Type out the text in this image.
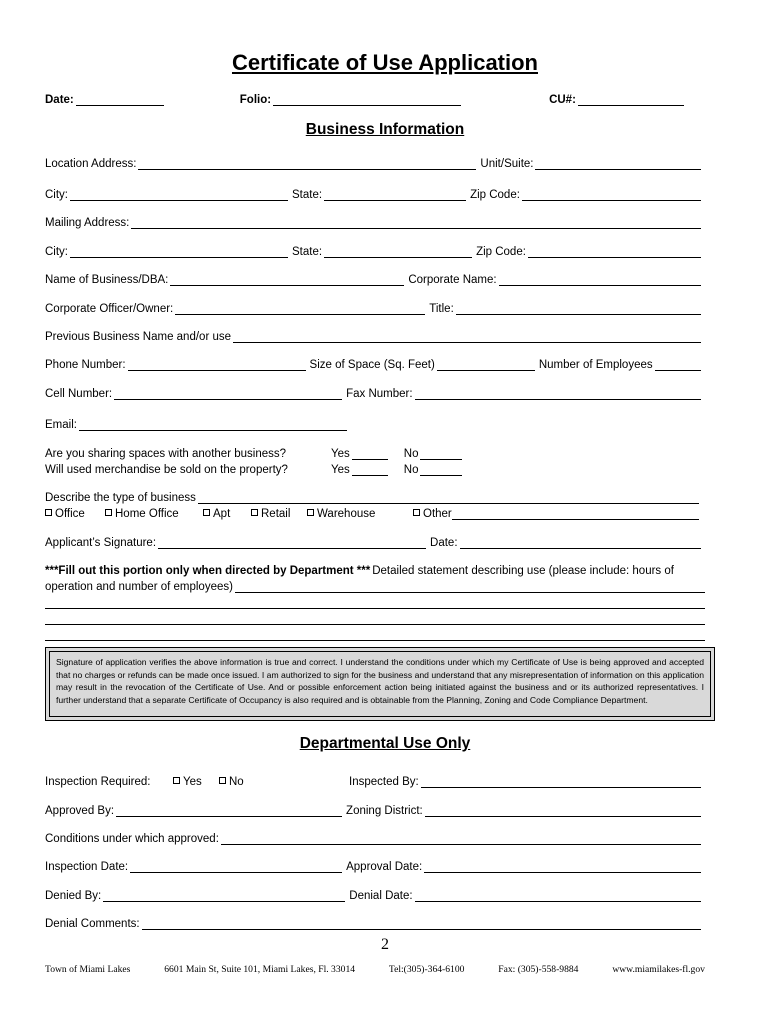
Certificate of Use Application
Date:	Folio:	CU#:
Business Information
Location Address:	Unit/Suite:
City:	State:	Zip Code:
Mailing Address:
City:	State:	Zip Code:
Name of Business/DBA:	Corporate Name:
Corporate Officer/Owner:	Title:
Previous Business Name and/or use
Phone Number:	Size of Space (Sq. Feet)	Number of Employees
Cell Number:	Fax Number:
Email:
Are you sharing spaces with another business?	Yes	No
Will used merchandise be sold on the property?	Yes	No
Describe the type of business
Office	Home Office	Apt	Retail	Warehouse	Other
Applicant’s Signature:	Date:
***Fill out this portion only when directed by Department *** Detailed statement describing use (please include: hours of
operation and number of employees)
Signature of application verifies the above information is true and correct. I understand the conditions under which my Certificate of Use is being approved and accepted that no charges or refunds can be made once issued. I am authorized to sign for the business and understand that any misrepresentation of information on this application may result in the revocation of the Certificate of Use. And or possible enforcement action being initiated against the business and or its authorized representatives. I further understand that a separate Certificate of Occupancy is also required and is obtainable from the Planning, Zoning and Code Compliance Department.
Departmental Use Only
Inspection Required:	Yes	No	Inspected By:
Approved By:	Zoning District:
Conditions under which approved:
Inspection Date:	Approval Date:
Denied By:	Denial Date:
Denial Comments:
2
Town of Miami Lakes	6601 Main St, Suite 101, Miami Lakes, Fl. 33014	Tel:(305)-364-6100	Fax: (305)-558-9884	www.miamilakes-fl.gov
